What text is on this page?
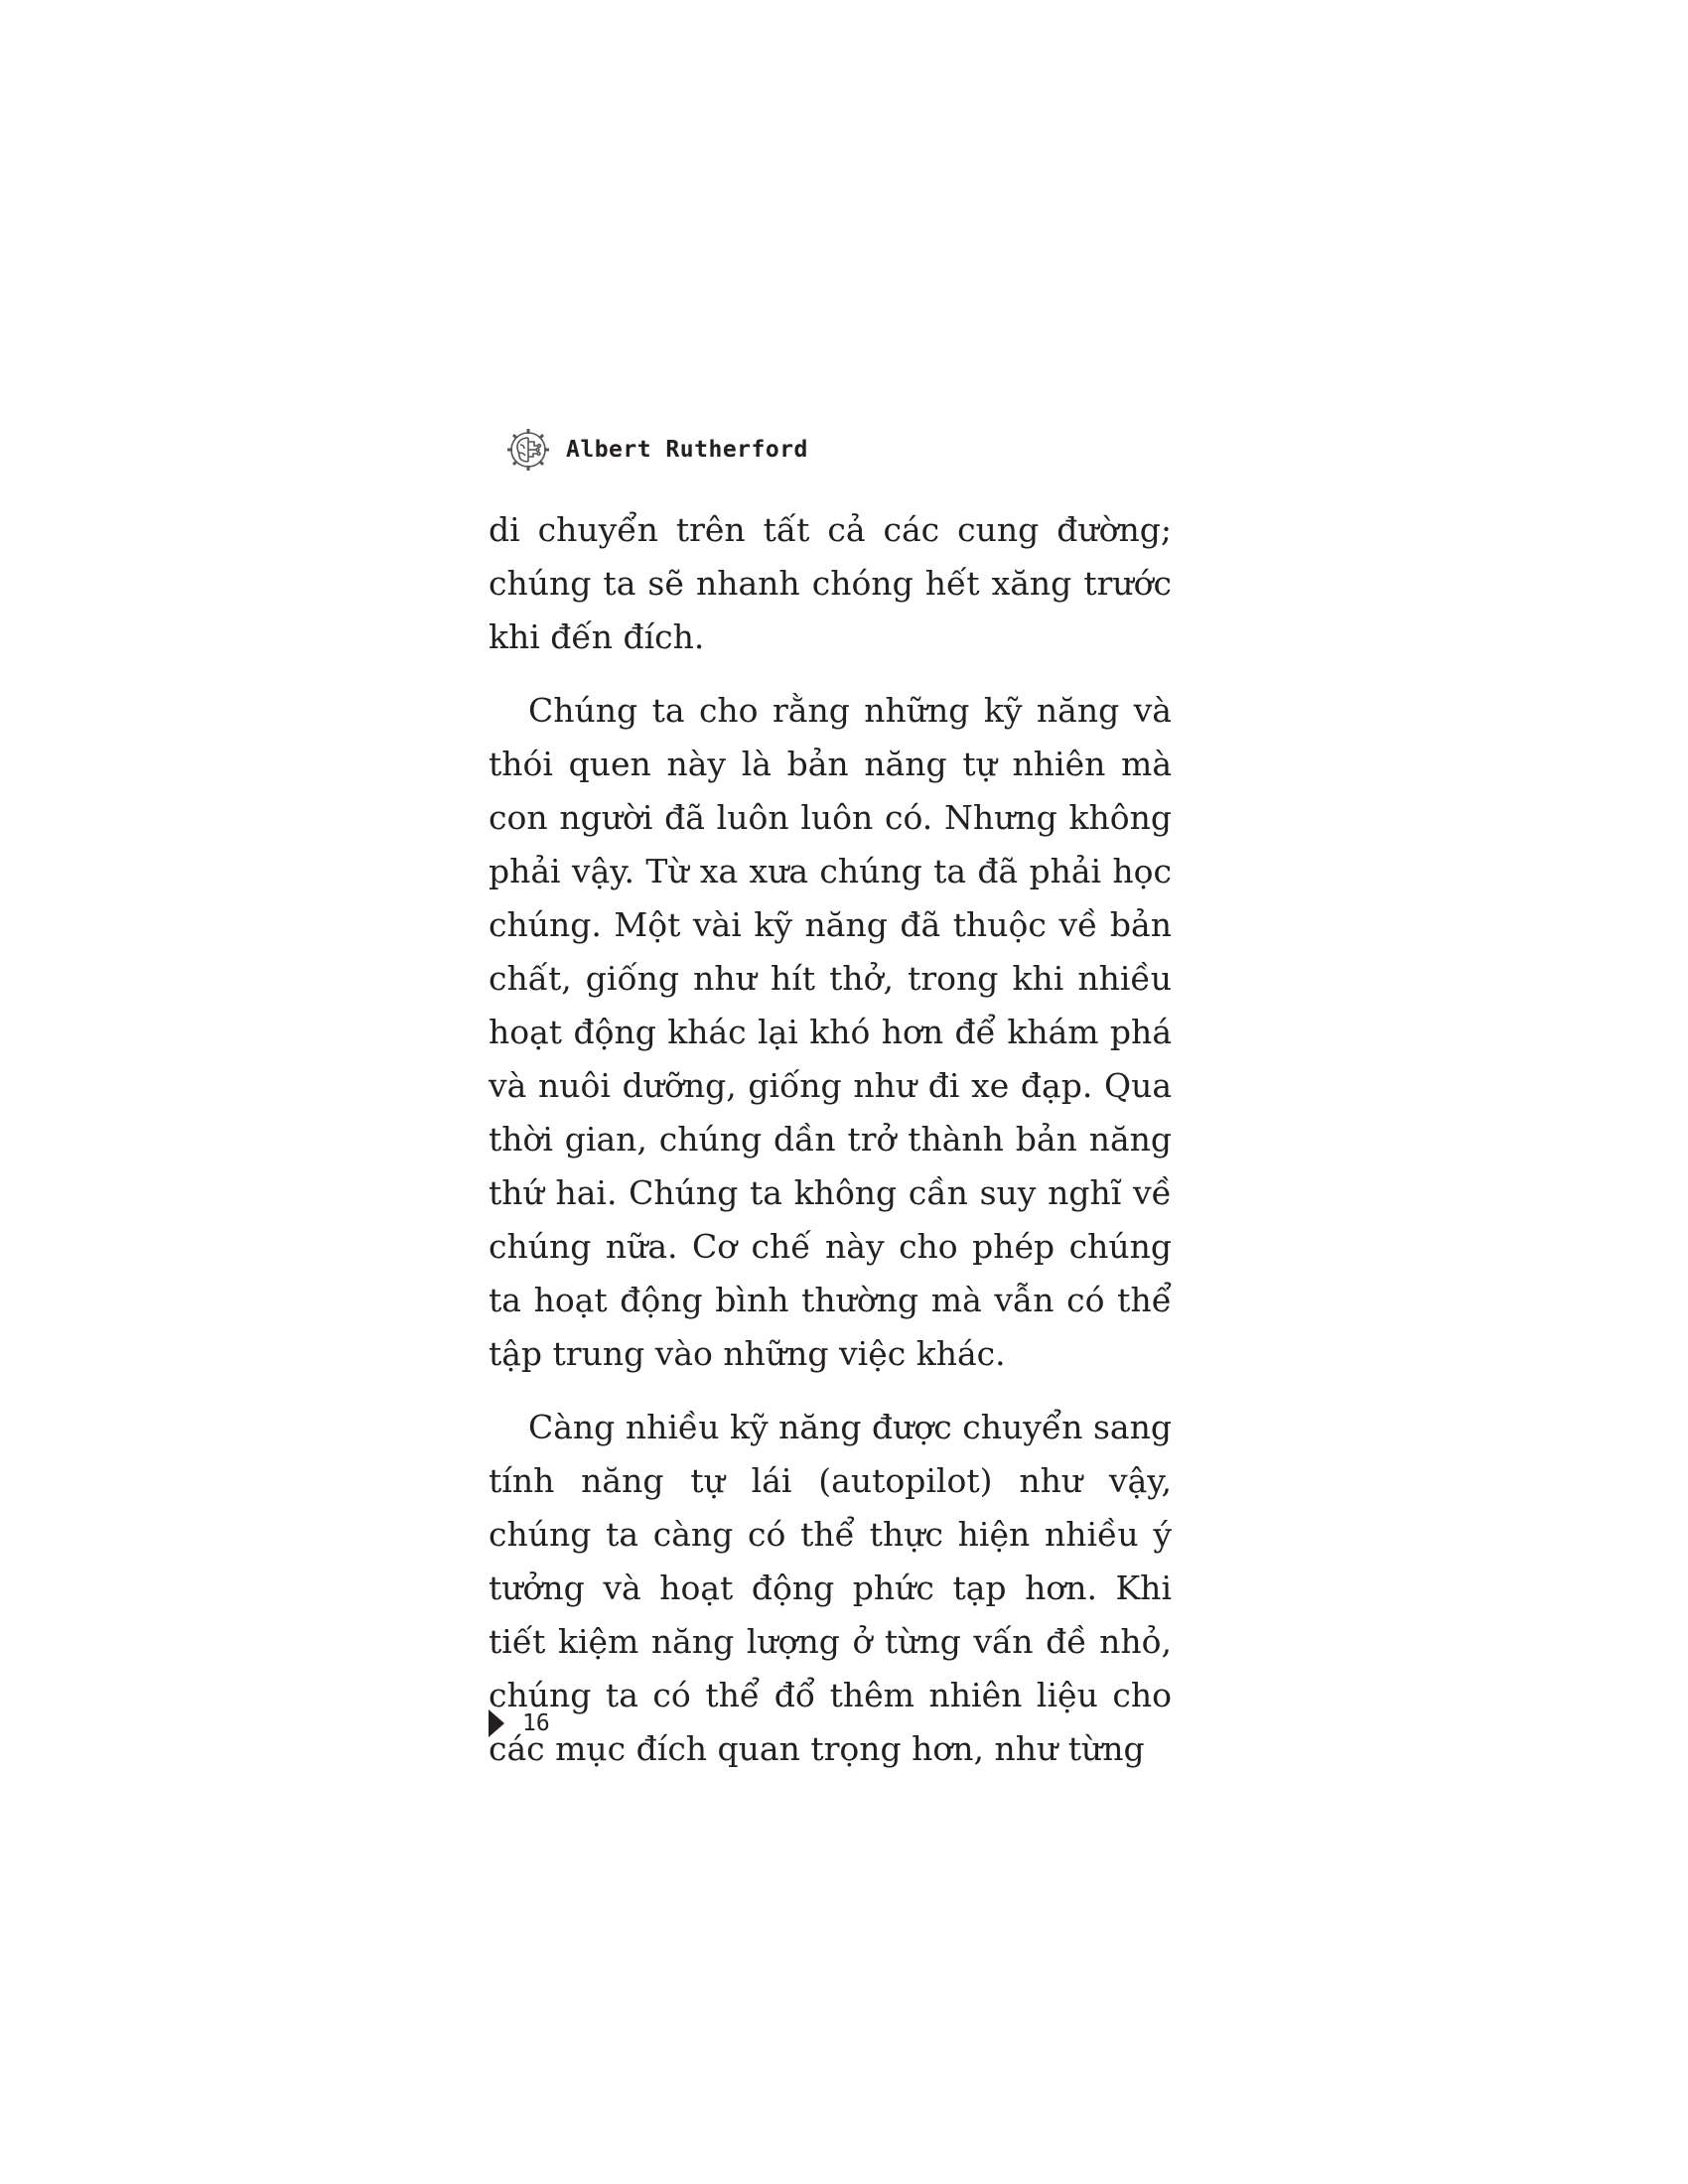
Albert Rutherford

di chuyển trên tất cả các cung đường; chúng ta sẽ nhanh chóng hết xăng trước khi đến đích.

Chúng ta cho rằng những kỹ năng và thói quen này là bản năng tự nhiên mà con người đã luôn luôn có. Nhưng không phải vậy. Từ xa xưa chúng ta đã phải học chúng. Một vài kỹ năng đã thuộc về bản chất, giống như hít thở, trong khi nhiều hoạt động khác lại khó hơn để khám phá và nuôi dưỡng, giống như đi xe đạp. Qua thời gian, chúng dần trở thành bản năng thứ hai. Chúng ta không cần suy nghĩ về chúng nữa. Cơ chế này cho phép chúng ta hoạt động bình thường mà vẫn có thể tập trung vào những việc khác.

Càng nhiều kỹ năng được chuyển sang tính năng tự lái (autopilot) như vậy, chúng ta càng có thể thực hiện nhiều ý tưởng và hoạt động phức tạp hơn. Khi tiết kiệm năng lượng ở từng vấn đề nhỏ, chúng ta có thể đổ thêm nhiên liệu cho các mục đích quan trọng hơn, như từng

16
